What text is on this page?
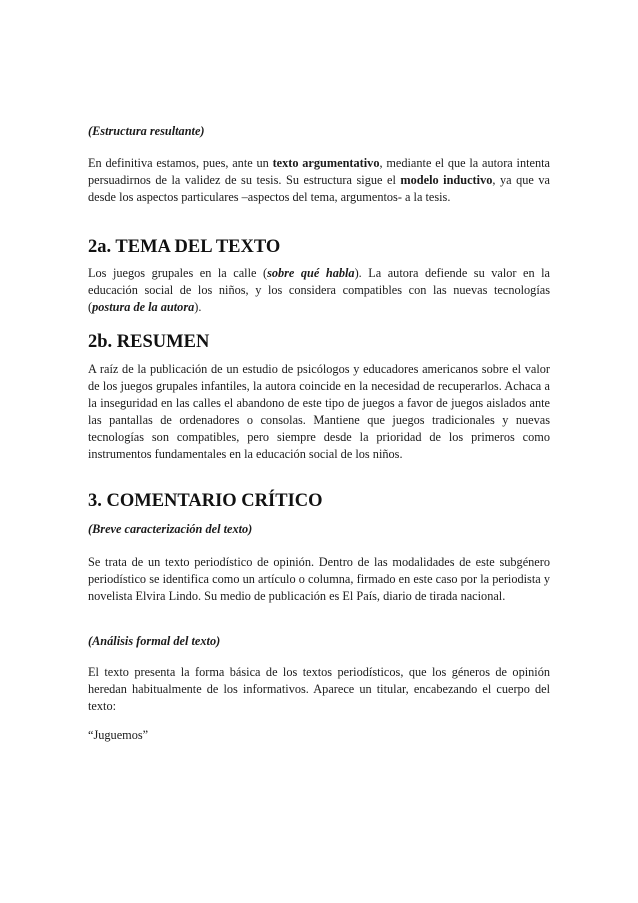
(Estructura resultante)

En definitiva estamos, pues, ante un texto argumentativo, mediante el que la autora intenta persuadirnos de la validez de su tesis. Su estructura sigue el modelo inductivo, ya que va desde los aspectos particulares –aspectos del tema, argumentos- a la tesis.

2a. TEMA DEL TEXTO

Los juegos grupales en la calle (sobre qué habla). La autora defiende su valor en la educación social de los niños, y los considera compatibles con las nuevas tecnologías (postura de la autora).

2b. RESUMEN

A raíz de la publicación de un estudio de psicólogos y educadores americanos sobre el valor de los juegos grupales infantiles, la autora coincide en la necesidad de recuperarlos. Achaca a la inseguridad en las calles el abandono de este tipo de juegos a favor de juegos aislados ante las pantallas de ordenadores o consolas. Mantiene que juegos tradicionales y nuevas tecnologías son compatibles, pero siempre desde la prioridad de los primeros como instrumentos fundamentales en la educación social de los niños.

3. COMENTARIO CRÍTICO

(Breve caracterización del texto)

Se trata de un texto periodístico de opinión. Dentro de las modalidades de este subgénero periodístico se identifica como un artículo o columna, firmado en este caso por la periodista y novelista Elvira Lindo. Su medio de publicación es El País, diario de tirada nacional.

(Análisis formal del texto)

El texto presenta la forma básica de los textos periodísticos, que los géneros de opinión heredan habitualmente de los informativos. Aparece un titular, encabezando el cuerpo del texto:

“Juguemos”
